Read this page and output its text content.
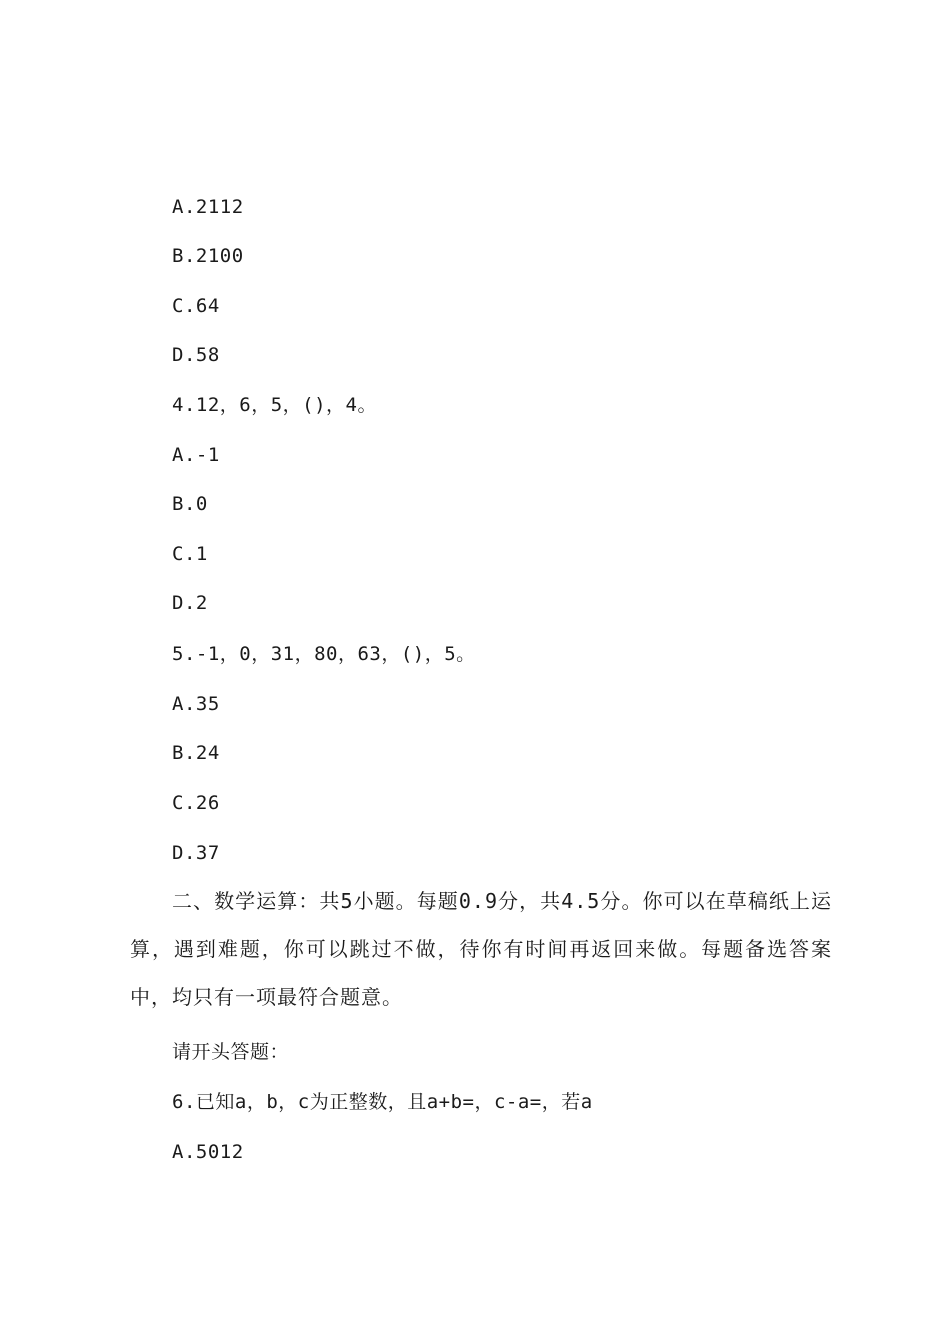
A.2112
B.2100
C.64
D.58
4.12，6，5，()，4。
A.-1
B.0
C.1
D.2
5.-1，0，31，80，63，()，5。
A.35
B.24
C.26
D.37
二、数学运算：共5小题。每题0.9分，共4.5分。你可以在草稿纸上运算，遇到难题，你可以跳过不做，待你有时间再返回来做。每题备选答案中，均只有一项最符合题意。
请开头答题：
6.已知a，b，c为正整数，且a+b=，c-a=，若a
A.5012
